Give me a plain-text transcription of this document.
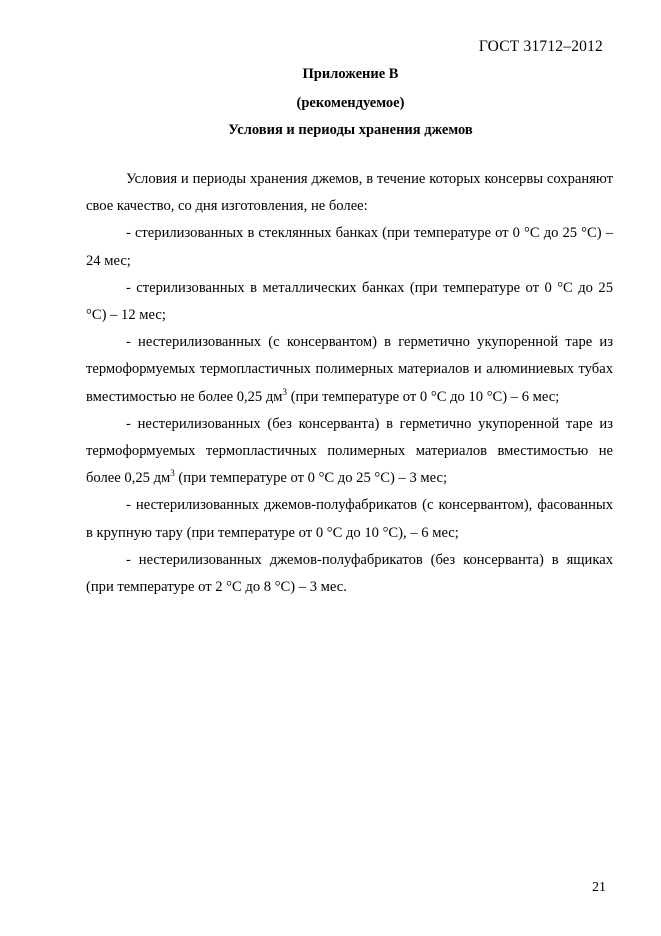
ГОСТ 31712–2012
Приложение В
(рекомендуемое)
Условия и периоды хранения джемов

Условия и периоды хранения джемов, в течение которых консервы сохраняют свое качество, со дня изготовления, не более:

- стерилизованных в стеклянных банках (при температуре от 0 °С до 25 °С) – 24 мес;

- стерилизованных в металлических банках (при температуре от 0 °С до 25 °С) – 12 мес;

- нестерилизованных (с консервантом) в герметично укупоренной таре из термоформуемых термопластичных полимерных материалов и алюминиевых тубах вместимостью не более 0,25 $дм^3$ (при температуре от 0 °С до 10 °С) – 6 мес;

- нестерилизованных (без консерванта) в герметично укупоренной таре из термоформуемых термопластичных полимерных материалов вместимостью не более 0,25 $дм^3$ (при температуре от 0 °С до 25 °С) – 3 мес;

- нестерилизованных джемов-полуфабрикатов (с консервантом), фасованных в крупную тару (при температуре от 0 °С до 10 °С), – 6 мес;

- нестерилизованных джемов-полуфабрикатов (без консерванта) в ящиках (при температуре от 2 °С до 8 °С) – 3 мес.

21
